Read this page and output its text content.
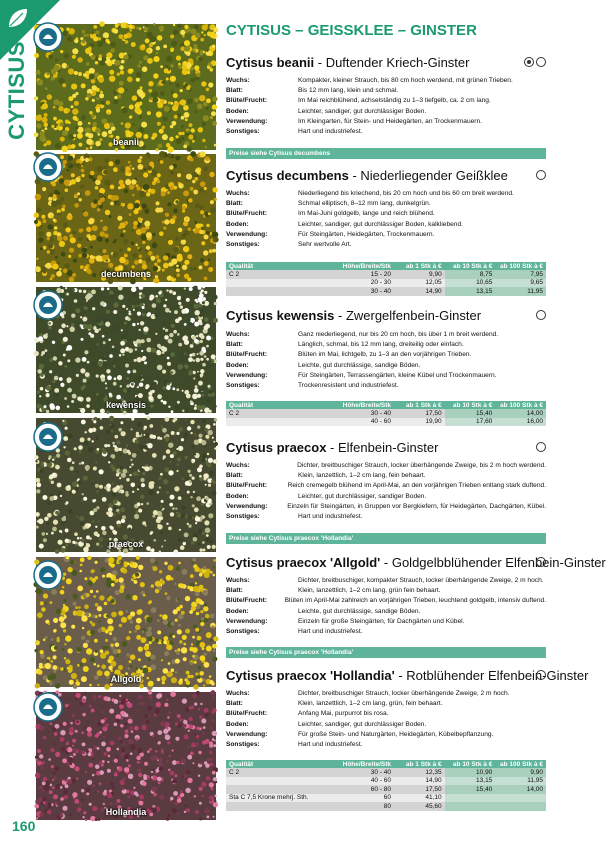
CYTISUS
160
beanii
decumbens
kewensis
praecox
Allgold
Hollandia
CYTISUS – GEISSKLEE – GINSTER
Cytisus beanii - Duftender Kriech-Ginster
Wuchs:	Kompakter, kleiner Strauch, bis 80 cm hoch werdend, mit grünen Trieben.
Blatt:	Bis 12 mm lang, klein und schmal.
Blüte/Frucht:	Im Mai reichblühend, achselständig zu 1–3 tiefgelb, ca. 2 cm lang.
Boden:	Leichter, sandiger, gut durchlässiger Boden.
Verwendung:	Im Kleingarten, für Stein- und Heidegärten, an Trockenmauern.
Sonstiges:	Hart und industriefest.
Preise siehe Cytisus decumbens
Cytisus decumbens - Niederliegender Geißklee
Wuchs:	Niederliegend bis kriechend, bis 20 cm hoch und bis 60 cm breit werdend.
Blatt:	Schmal elliptisch, 8–12 mm lang, dunkelgrün.
Blüte/Frucht:	Im Mai-Juni goldgelb, lange und reich blühend.
Boden:	Leichter, sandiger, gut durchlässiger Boden, kalkliebend.
Verwendung:	Für Steingärten, Heidegärten, Trockenmauern.
Sonstiges:	Sehr wertvolle Art.
Qualität	Höhe/Breite/Stk	ab 1 Stk à €	ab 10 Stk à €	ab 100 Stk à €
C 2	15 - 20	9,90	8,75	7,95
	20 - 30	12,05	10,65	9,65
	30 - 40	14,90	13,15	11,95
Cytisus kewensis - Zwergelfenbein-Ginster
Wuchs:	Ganz niederliegend, nur bis 20 cm hoch, bis über 1 m breit werdend.
Blatt:	Länglich, schmal, bis 12 mm lang, dreiteilig oder einfach.
Blüte/Frucht:	Blüten im Mai, lichtgelb, zu 1–3 an den vorjährigen Trieben.
Boden:	Leichte, gut durchlässige, sandige Böden.
Verwendung:	Für Steingärten, Terrassengärten, kleine Kübel und Trockenmauern.
Sonstiges:	Trockenresistent und industriefest.
Qualität	Höhe/Breite/Stk	ab 1 Stk à €	ab 10 Stk à €	ab 100 Stk à €
C 2	30 - 40	17,50	15,40	14,00
	40 - 60	19,90	17,60	16,00
Cytisus praecox - Elfenbein-Ginster
Wuchs:	Dichter, breitbuschiger Strauch, locker überhängende Zweige, bis 2 m hoch werdend.
Blatt:	Klein, lanzettlich, 1–2 cm lang, fein behaart.
Blüte/Frucht:	Reich cremegelb blühend im April-Mai, an den vorjährigen Trieben entlang stark duftend.
Boden:	Leichter, gut durchlässiger, sandiger Boden.
Verwendung:	Einzeln für Steingärten, in Gruppen vor Bergkiefern, für Heidegärten, Dachgärten, Kübel.
Sonstiges:	Hart und industriefest.
Preise siehe Cytisus praecox 'Hollandia'
Cytisus praecox 'Allgold' - Goldgelbblühender Elfenbein-Ginster
Wuchs:	Dichter, breitbuschiger, kompakter Strauch, locker überhängende Zweige, 2 m hoch.
Blatt:	Klein, lanzettlich, 1–2 cm lang, grün fein behaart.
Blüte/Frucht:	Blüten im April-Mai zahlreich an vorjährigen Trieben, leuchtend goldgelb, intensiv duftend.
Boden:	Leichte, gut durchlässige, sandige Böden.
Verwendung:	Einzeln für große Steingärten, für Dachgärten und Kübel.
Sonstiges:	Hart und industriefest.
Preise siehe Cytisus praecox 'Hollandia'
Cytisus praecox 'Hollandia' - Rotblühender Elfenbein-Ginster
Wuchs:	Dichter, breitbuschiger Strauch, locker überhängende Zweige, 2 m hoch.
Blatt:	Klein, lanzettlich, 1–2 cm lang, grün, fein behaart.
Blüte/Frucht:	Anfang Mai, purpurrot bis rosa.
Boden:	Leichter, sandiger, gut durchlässiger Boden.
Verwendung:	Für große Stein- und Naturgärten, Heidegärten, Kübelbepflanzung.
Sonstiges:	Hart und industriefest.
Qualität	Höhe/Breite/Stk	ab 1 Stk à €	ab 10 Stk à €	ab 100 Stk à €
C 2	30 - 40	12,35	10,90	9,90
	40 - 60	14,90	13,15	11,95
	60 - 80	17,50	15,40	14,00
Sta C 7,5 Krone mehrj. Sth.	60	41,10		
	80	45,60		
